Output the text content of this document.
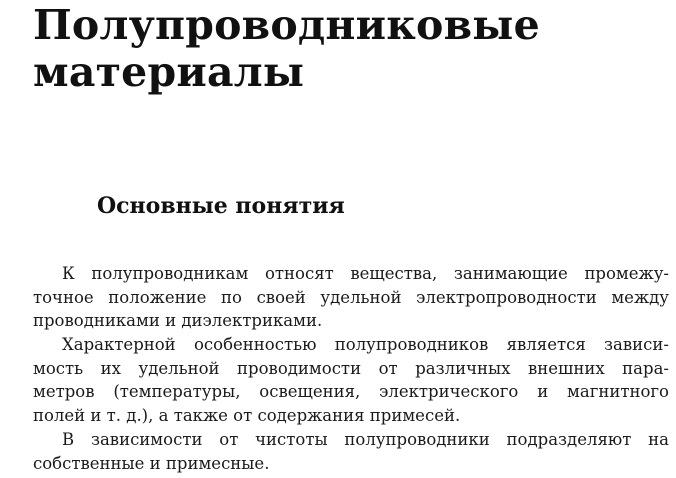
Полупроводниковые
материалы
Основные понятия
К полупроводникам относят вещества, занимающие промежу-
точное положение по своей удельной электропроводности между
проводниками и диэлектриками.
Характерной особенностью полупроводников является зависи-
мость их удельной проводимости от различных внешних пара-
метров (температуры, освещения, электрического и магнитного
полей и т. д.), а также от содержания примесей.
В зависимости от чистоты полупроводники подразделяют на
собственные и примесные.
